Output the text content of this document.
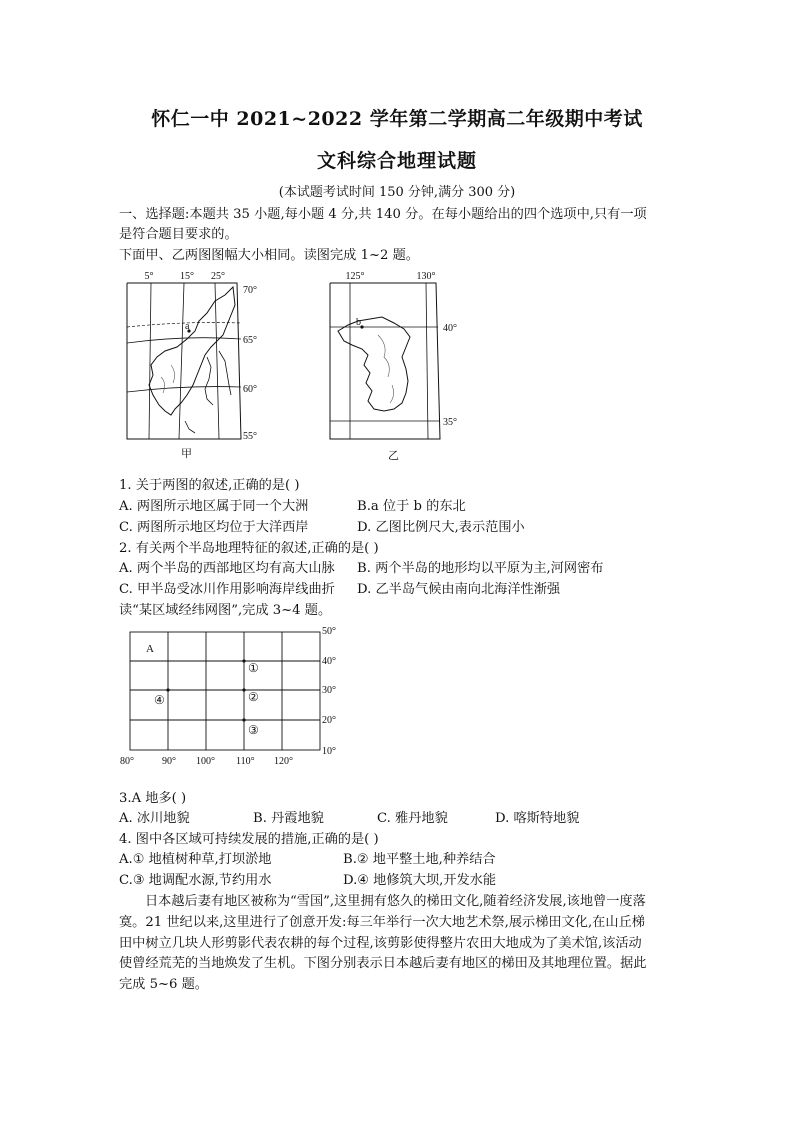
怀仁一中 2021~2022 学年第二学期高二年级期中考试
文科综合地理试题
(本试题考试时间 150 分钟,满分 300 分)
一、选择题:本题共 35 小题,每小题 4 分,共 140 分。在每小题给出的四个选项中,只有一项
是符合题目要求的。
下面甲、乙两图图幅大小相同。读图完成 1~2 题。
5°	15° 25°
a
70°
65°
60°
55°
甲
125°	130°
b
40°
35°
乙
1. 关于两图的叙述,正确的是( )
A. 两图所示地区属于同一个大洲	B.a 位于 b 的东北
C. 两图所示地区均位于大洋西岸	D. 乙图比例尺大,表示范围小
2. 有关两个半岛地理特征的叙述,正确的是( )
A. 两个半岛的西部地区均有高大山脉 B. 两个半岛的地形均以平原为主,河网密布
C. 甲半岛受冰川作用影响海岸线曲折 D. 乙半岛气候由南向北海洋性渐强
读“某区域经纬网图”,完成 3~4 题。
A
①
②
③
④
50°
40°
30°
20°
10°
80°	90° 100° 110° 120°
3.A 地多( )
A. 冰川地貌	B. 丹霞地貌	C. 雅丹地貌	D. 喀斯特地貌
4. 图中各区域可持续发展的措施,正确的是( )
A.① 地植树种草,打坝淤地	B.② 地平整土地,种养结合
C.③ 地调配水源,节约用水	D.④ 地修筑大坝,开发水能
日本越后妻有地区被称为“雪国”,这里拥有悠久的梯田文化,随着经济发展,该地曾一度落
寞。21 世纪以来,这里进行了创意开发:每三年举行一次大地艺术祭,展示梯田文化,在山丘梯
田中树立几块人形剪影代表农耕的每个过程,该剪影使得整片农田大地成为了美术馆,该活动
使曾经荒芜的当地焕发了生机。下图分别表示日本越后妻有地区的梯田及其地理位置。据此
完成 5~6 题。
